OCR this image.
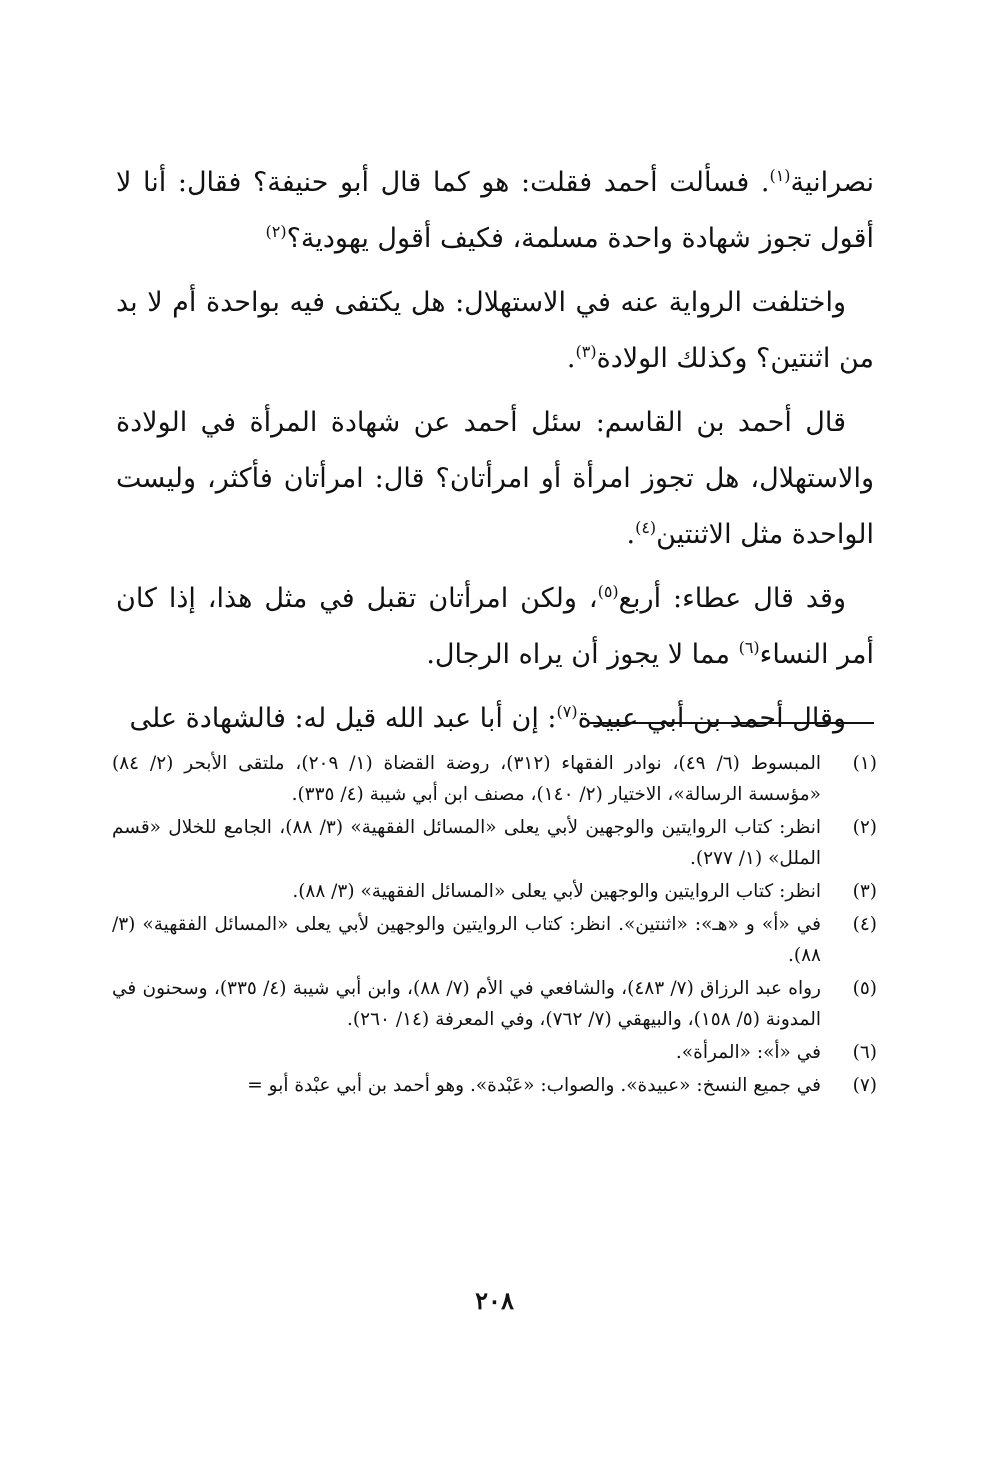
نصرانية$^{(١)}$. فسألت أحمد فقلت: هو كما قال أبو حنيفة؟ فقال: أنا لا أقول تجوز شهادة واحدة مسلمة، فكيف أقول يهودية؟$^{(٢)}$

واختلفت الرواية عنه في الاستهلال: هل يكتفى فيه بواحدة أم لا بد من اثنتين؟ وكذلك الولادة$^{(٣)}$.

قال أحمد بن القاسم: سئل أحمد عن شهادة المرأة في الولادة والاستهلال، هل تجوز امرأة أو امرأتان؟ قال: امرأتان فأكثر، وليست الواحدة مثل الاثنتين$^{(٤)}$.

وقد قال عطاء: أربع$^{(٥)}$، ولكن امرأتان تقبل في مثل هذا، إذا كان أمر النساء$^{(٦)}$ مما لا يجوز أن يراه الرجال.

وقال أحمد بن أبي عبيدة$^{(٧)}$: إن أبا عبد الله قيل له: فالشهادة على

(١)
المبسوط (٦/ ٤٩)، نوادر الفقهاء (٣١٢)، روضة القضاة (١/ ٢٠٩)، ملتقى الأبحر (٢/ ٨٤) «مؤسسة الرسالة»، الاختيار (٢/ ١٤٠)، مصنف ابن أبي شيبة (٤/ ٣٣٥).
(٢)
انظر: كتاب الروايتين والوجهين لأبي يعلى «المسائل الفقهية» (٣/ ٨٨)، الجامع للخلال «قسم الملل» (١/ ٢٧٧).
(٣)
انظر: كتاب الروايتين والوجهين لأبي يعلى «المسائل الفقهية» (٣/ ٨٨).
(٤)
في «أ» و «هـ»: «اثنتين». انظر: كتاب الروايتين والوجهين لأبي يعلى «المسائل الفقهية» (٣/ ٨٨).
(٥)
رواه عبد الرزاق (٧/ ٤٨٣)، والشافعي في الأم (٧/ ٨٨)، وابن أبي شيبة (٤/ ٣٣٥)، وسحنون في المدونة (٥/ ١٥٨)، والبيهقي (٧/ ٧٦٢)، وفي المعرفة (١٤/ ٢٦٠).
(٦)
في «أ»: «المرأة».
(٧)
في جميع النسخ: «عبيدة». والصواب: «عَبْدة». وهو أحمد بن أبي عبْدة أبو =
٢٠٨
